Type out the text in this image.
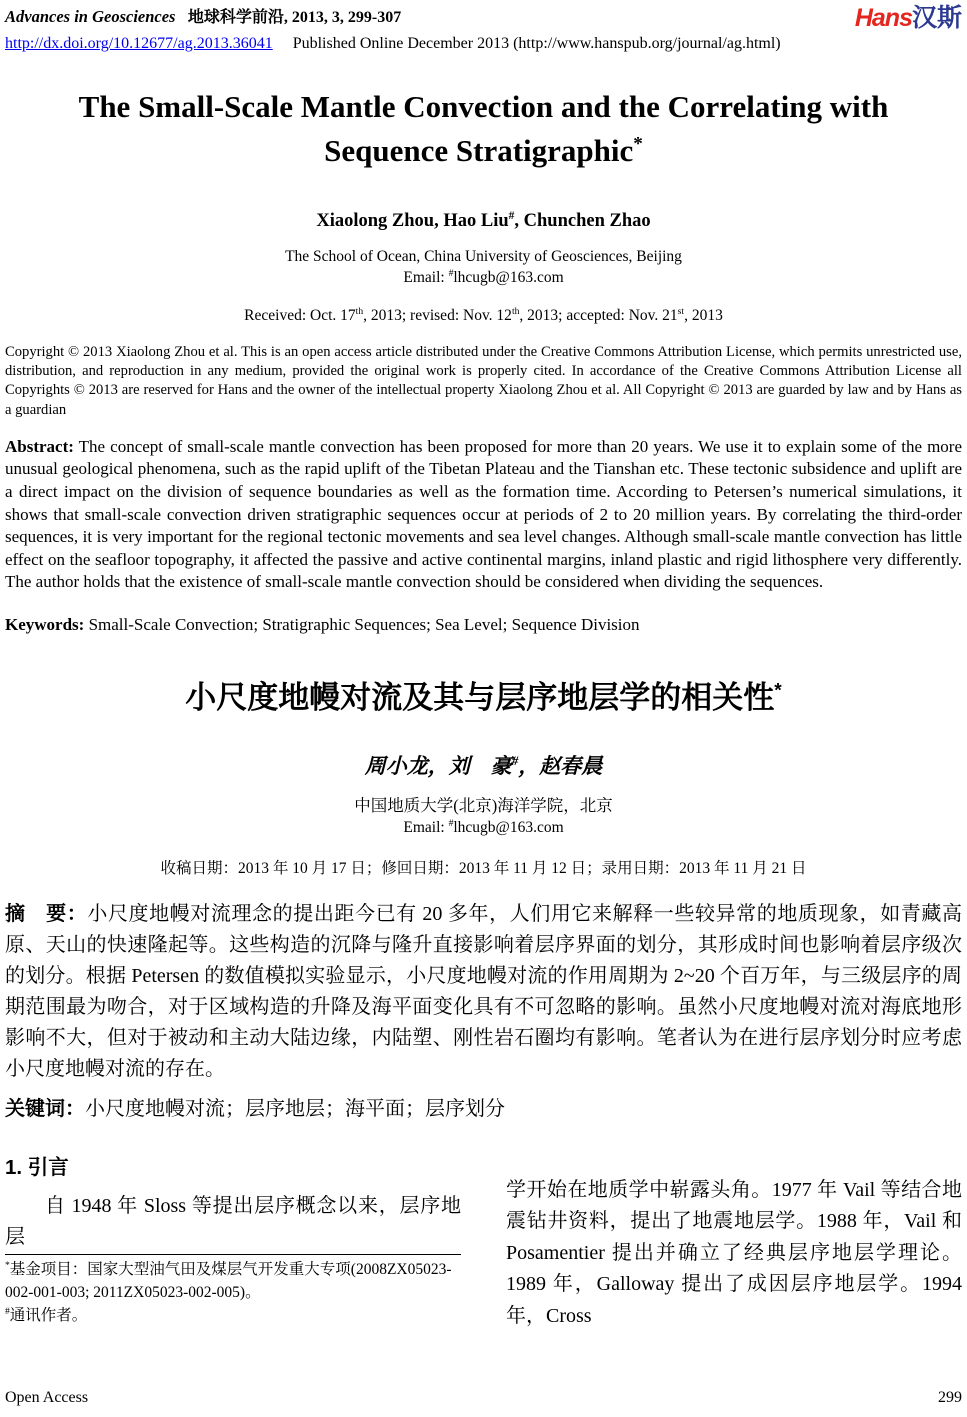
Advances in Geosciences 地球科学前沿, 2013, 3, 299-307	Hans汉斯
http://dx.doi.org/10.12677/ag.2013.36041 Published Online December 2013 (http://www.hanspub.org/journal/ag.html)
The Small-Scale Mantle Convection and the Correlating with
Sequence Stratigraphic*
Xiaolong Zhou, Hao Liu#, Chunchen Zhao
The School of Ocean, China University of Geosciences, Beijing
Email: #lhcugb@163.com
Received: Oct. 17th, 2013; revised: Nov. 12th, 2013; accepted: Nov. 21st, 2013

Copyright © 2013 Xiaolong Zhou et al. This is an open access article distributed under the Creative Commons Attribution License, which permits unrestricted use, distribution, and reproduction in any medium, provided the original work is properly cited. In accordance of the Creative Commons Attribution License all Copyrights © 2013 are reserved for Hans and the owner of the intellectual property Xiaolong Zhou et al. All Copyright © 2013 are guarded by law and by Hans as a guardian

Abstract: The concept of small-scale mantle convection has been proposed for more than 20 years. We use it to explain some of the more unusual geological phenomena, such as the rapid uplift of the Tibetan Plateau and the Tianshan etc. These tectonic subsidence and uplift are a direct impact on the division of sequence boundaries as well as the formation time. According to Petersen’s numerical simulations, it shows that small-scale convection driven stratigraphic sequences occur at periods of 2 to 20 million years. By correlating the third-order sequences, it is very important for the regional tectonic movements and sea level changes. Although small-scale mantle convection has little effect on the seafloor topography, it affected the passive and active continental margins, inland plastic and rigid lithosphere very differently. The author holds that the existence of small-scale mantle convection should be considered when dividing the sequences.

Keywords: Small-Scale Convection; Stratigraphic Sequences; Sea Level; Sequence Division

小尺度地幔对流及其与层序地层学的相关性*
周小龙，刘　豪#，赵春晨
中国地质大学(北京)海洋学院，北京
Email: #lhcugb@163.com
收稿日期：2013 年 10 月 17 日；修回日期：2013 年 11 月 12 日；录用日期：2013 年 11 月 21 日

摘　要：小尺度地幔对流理念的提出距今已有 20 多年，人们用它来解释一些较异常的地质现象，如青藏高原、天山的快速隆起等。这些构造的沉降与隆升直接影响着层序界面的划分，其形成时间也影响着层序级次的划分。根据 Petersen 的数值模拟实验显示，小尺度地幔对流的作用周期为 2~20 个百万年，与三级层序的周期范围最为吻合，对于区域构造的升降及海平面变化具有不可忽略的影响。虽然小尺度地幔对流对海底地形影响不大，但对于被动和主动大陆边缘，内陆塑、刚性岩石圈均有影响。笔者认为在进行层序划分时应考虑小尺度地幔对流的存在。

关键词：小尺度地幔对流；层序地层；海平面；层序划分

1. 引言

自 1948 年 Sloss 等提出层序概念以来，层序地层

*基金项目：国家大型油气田及煤层气开发重大专项(2008ZX05023-002-001-003; 2011ZX05023-002-005)。
#通讯作者。

学开始在地质学中崭露头角。1977 年 Vail 等结合地震钻井资料，提出了地震地层学。1988 年，Vail 和 Posamentier 提出并确立了经典层序地层学理论。1989 年，Galloway 提出了成因层序地层学。1994 年，Cross

Open Access	299
